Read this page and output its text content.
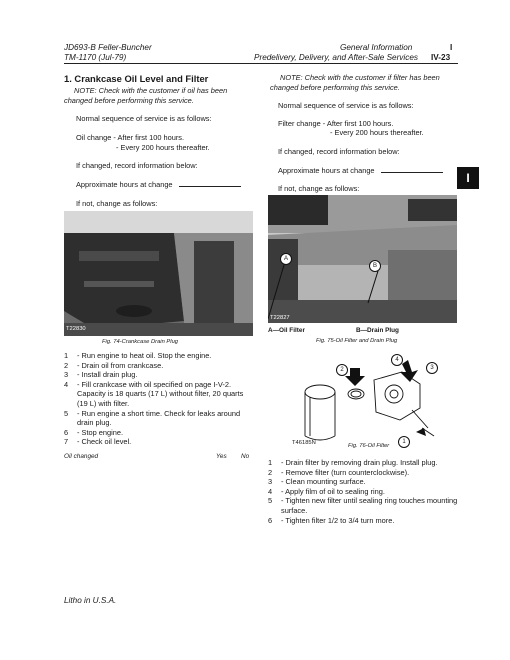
JD693-B Feller-Buncher
TM-1170 (Jul-79)
General Information	I
Predelivery, Delivery, and After-Sale Services IV-23
I
1. Crankcase Oil Level and Filter
NOTE: Check with the customer if oil has been changed before performing this service.
Normal sequence of service is as follows:
Oil change - After first 100 hours.
- Every 200 hours thereafter.
If changed, record information below:
Approximate hours at change
If not, change as follows:
T22830
Fig. 74-Crankcase Drain Plug
1 - Run engine to heat oil. Stop the engine.
2 - Drain oil from crankcase.
3 - Install drain plug.
4 - Fill crankcase with oil specified on page I-V-2. Capacity is 18 quarts (17 L) without filter, 20 quarts (19 L) with filter.
5 - Run engine a short time. Check for leaks around drain plug.
6 - Stop engine.
7 - Check oil level.
Oil changed	Yes No
NOTE: Check with the customer if filter has been changed before performing this service.
Normal sequence of service is as follows:
Filter change - After first 100 hours.
- Every 200 hours thereafter.
If changed, record information below:
Approximate hours at change
If not, change as follows:
A
B
T22827
A—Oil Filter	B—Drain Plug
Fig. 75-Oil Filter and Drain Plug
2
4
3
1
T46185N	Fig. 76-Oil Filter
1 - Drain filter by removing drain plug. Install plug.
2 - Remove filter (turn counterclockwise).
3 - Clean mounting surface.
4 - Apply film of oil to sealing ring.
5 - Tighten new filter until sealing ring touches mounting surface.
6 - Tighten filter 1/2 to 3/4 turn more.
Litho in U.S.A.
